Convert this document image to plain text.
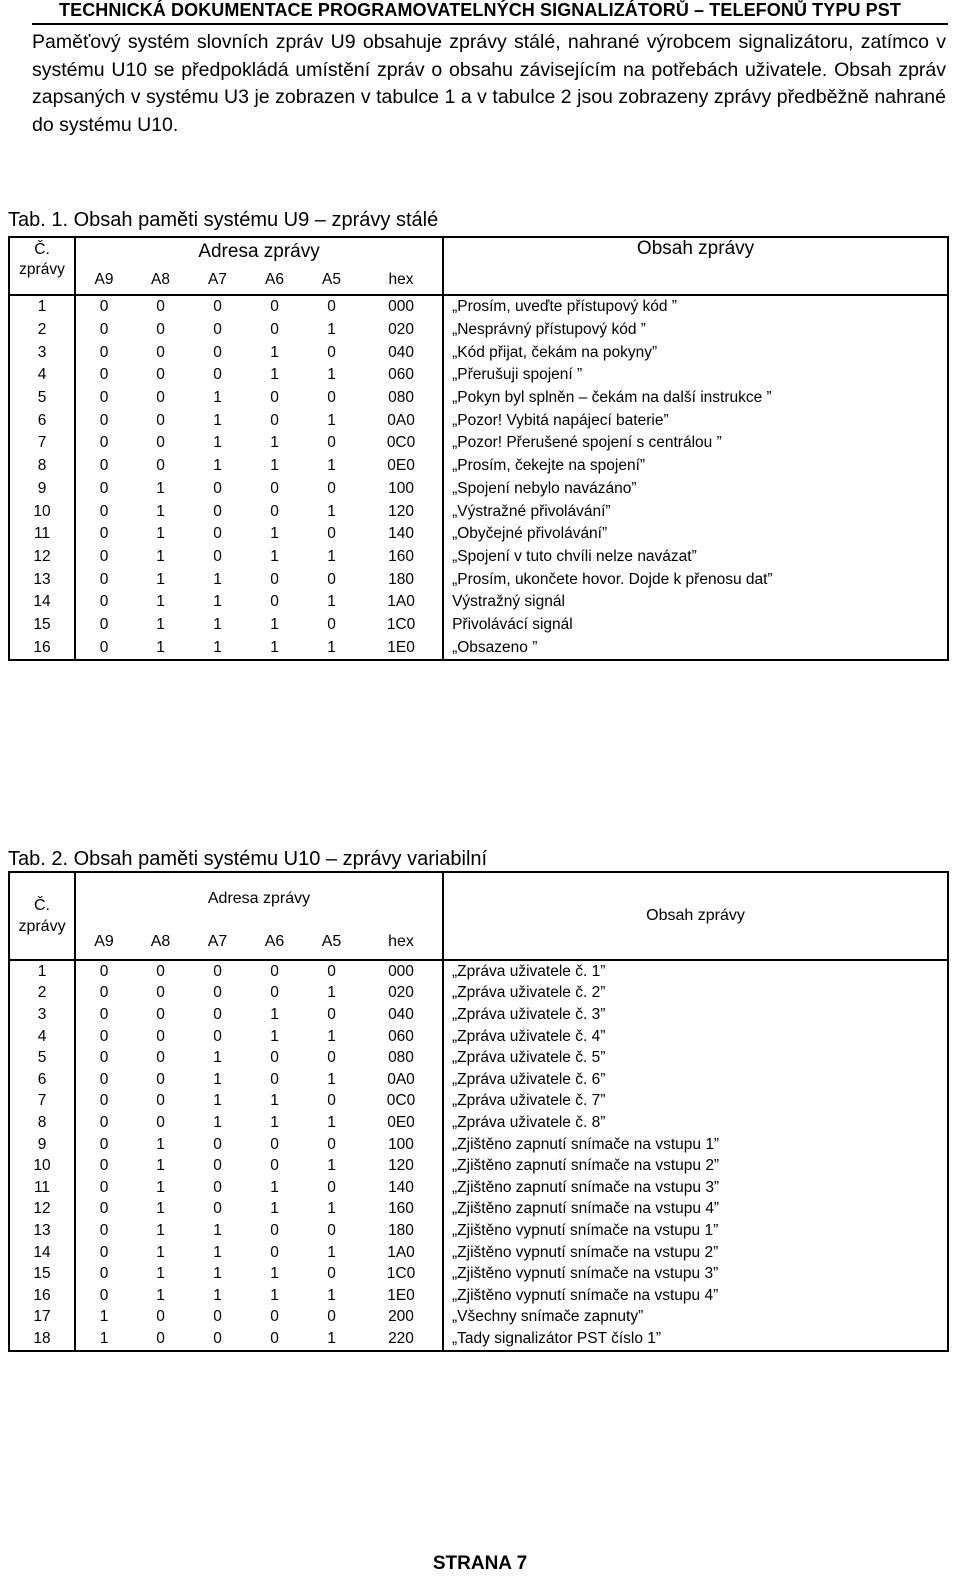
TECHNICKÁ DOKUMENTACE PROGRAMOVATELNÝCH SIGNALIZÁTORŮ – TELEFONŮ TYPU PST

Paměťový systém slovních zpráv U9 obsahuje zprávy stálé, nahrané výrobcem signalizátoru, zatímco v systému U10 se předpokládá umístění zpráv o obsahu závisejícím na potřebách uživatele. Obsah zpráv zapsaných v systému U3 je zobrazen v tabulce 1 a v tabulce 2 jsou zobrazeny zprávy předběžně nahrané do systému U10.

Tab. 1. Obsah paměti systému U9 – zprávy stálé

Č.
zprávy	Adresa zprávy						Obsah zprávy
	A9	A8	A7	A6	A5	hex	
1	0	0	0	0	0	000	„Prosím, uveďte přístupový kód ”
2	0	0	0	0	1	020	„Nesprávný přístupový kód ”
3	0	0	0	1	0	040	„Kód přijat, čekám na pokyny”
4	0	0	0	1	1	060	„Přerušuji spojení ”
5	0	0	1	0	0	080	„Pokyn byl splněn – čekám na další instrukce ”
6	0	0	1	0	1	0A0	„Pozor! Vybitá napájecí baterie”
7	0	0	1	1	0	0C0	„Pozor! Přerušené spojení s centrálou ”
8	0	0	1	1	1	0E0	„Prosím, čekejte na spojení”
9	0	1	0	0	0	100	„Spojení nebylo navázáno”
10	0	1	0	0	1	120	„Výstražné přivolávání”
11	0	1	0	1	0	140	„Obyčejné přivolávání”
12	0	1	0	1	1	160	„Spojení v tuto chvíli nelze navázat”
13	0	1	1	0	0	180	„Prosím, ukončete hovor. Dojde k přenosu dat”
14	0	1	1	0	1	1A0	Výstražný signál
15	0	1	1	1	0	1C0	Přivolávácí signál
16	0	1	1	1	1	1E0	„Obsazeno ”

Tab. 2. Obsah paměti systému U10 – zprávy variabilní

Č.
zprávy	Adresa zprávy						Obsah zprávy
	A9	A8	A7	A6	A5	hex	
1	0	0	0	0	0	000	„Zpráva uživatele č. 1”
2	0	0	0	0	1	020	„Zpráva uživatele č. 2”
3	0	0	0	1	0	040	„Zpráva uživatele č. 3”
4	0	0	0	1	1	060	„Zpráva uživatele č. 4”
5	0	0	1	0	0	080	„Zpráva uživatele č. 5”
6	0	0	1	0	1	0A0	„Zpráva uživatele č. 6”
7	0	0	1	1	0	0C0	„Zpráva uživatele č. 7”
8	0	0	1	1	1	0E0	„Zpráva uživatele č. 8”
9	0	1	0	0	0	100	„Zjištěno zapnutí snímače na vstupu 1”
10	0	1	0	0	1	120	„Zjištěno zapnutí snímače na vstupu 2”
11	0	1	0	1	0	140	„Zjištěno zapnutí snímače na vstupu 3”
12	0	1	0	1	1	160	„Zjištěno zapnutí snímače na vstupu 4”
13	0	1	1	0	0	180	„Zjištěno vypnutí snímače na vstupu 1”
14	0	1	1	0	1	1A0	„Zjištěno vypnutí snímače na vstupu 2”
15	0	1	1	1	0	1C0	„Zjištěno vypnutí snímače na vstupu 3”
16	0	1	1	1	1	1E0	„Zjištěno vypnutí snímače na vstupu 4”
17	1	0	0	0	0	200	„Všechny snímače zapnuty”
18	1	0	0	0	1	220	„Tady signalizátor PST číslo 1”
STRANA 7
